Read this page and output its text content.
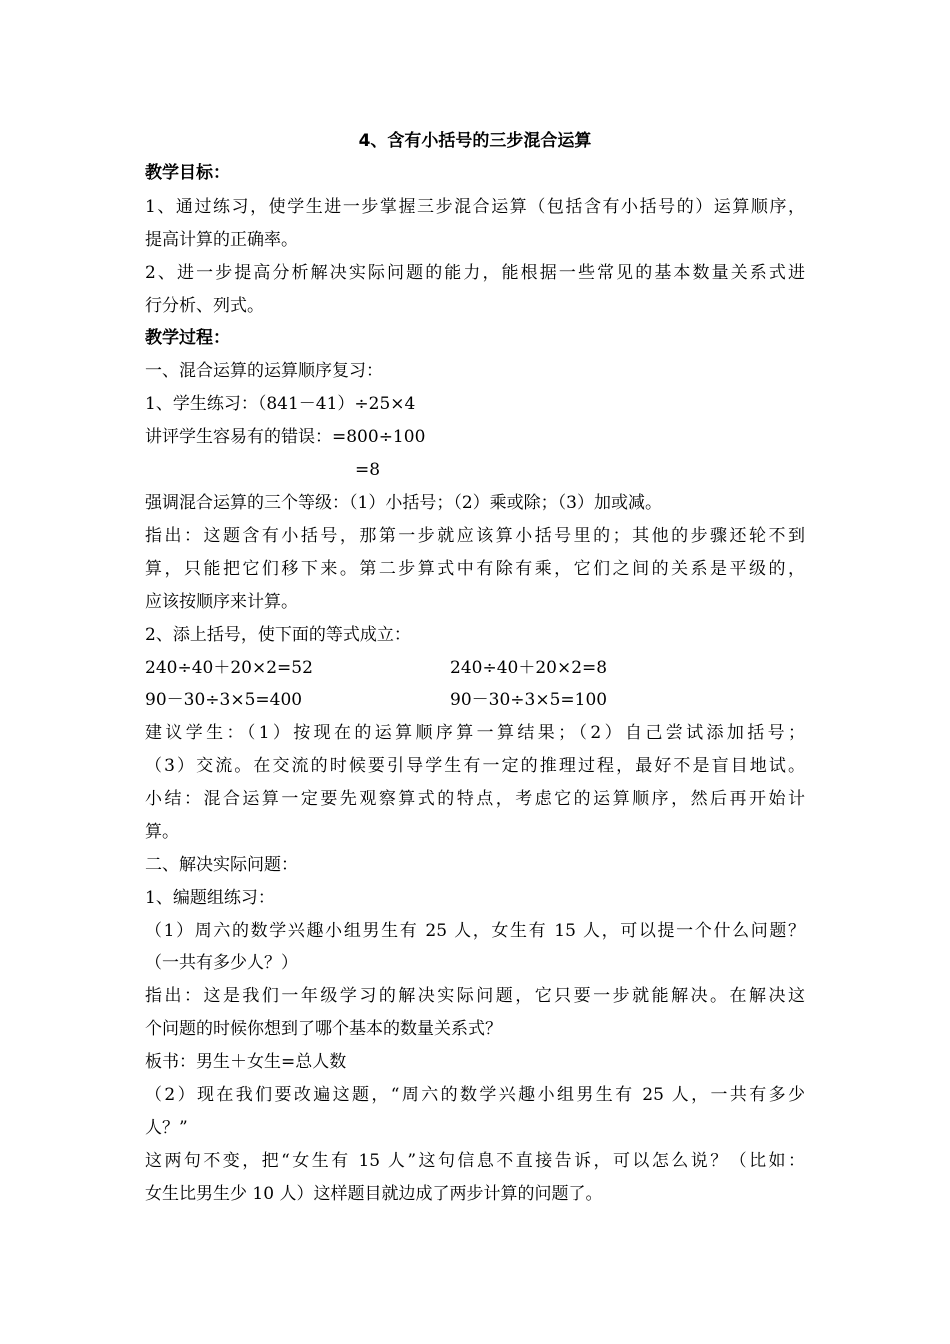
4、含有小括号的三步混合运算
教学目标：
1、通过练习，使学生进一步掌握三步混合运算（包括含有小括号的）运算顺序，
提高计算的正确率。
2、进一步提高分析解决实际问题的能力，能根据一些常见的基本数量关系式进
行分析、列式。
教学过程：
一、混合运算的运算顺序复习：
1、学生练习：（841－41）÷25×4
讲评学生容易有的错误：=800÷100
=8
强调混合运算的三个等级：（1）小括号；（2）乘或除；（3）加或减。
指出：这题含有小括号，那第一步就应该算小括号里的；其他的步骤还轮不到
算，只能把它们移下来。第二步算式中有除有乘，它们之间的关系是平级的，
应该按顺序来计算。
2、添上括号，使下面的等式成立：
240÷40＋20×2=52	240÷40＋20×2=8
90－30÷3×5=400	90－30÷3×5=100
建议学生：（1）按现在的运算顺序算一算结果；（2）自己尝试添加括号；
（3）交流。在交流的时候要引导学生有一定的推理过程，最好不是盲目地试。
小结：混合运算一定要先观察算式的特点，考虑它的运算顺序，然后再开始计
算。
二、解决实际问题：
1、编题组练习：
（1）周六的数学兴趣小组男生有 25 人，女生有 15 人，可以提一个什么问题？
（一共有多少人？）
指出：这是我们一年级学习的解决实际问题，它只要一步就能解决。在解决这
个问题的时候你想到了哪个基本的数量关系式？
板书：男生＋女生=总人数
（2）现在我们要改遍这题，“周六的数学兴趣小组男生有 25 人，一共有多少
人？”
这两句不变，把“女生有 15 人”这句信息不直接告诉，可以怎么说？（比如：
女生比男生少 10 人）这样题目就边成了两步计算的问题了。
